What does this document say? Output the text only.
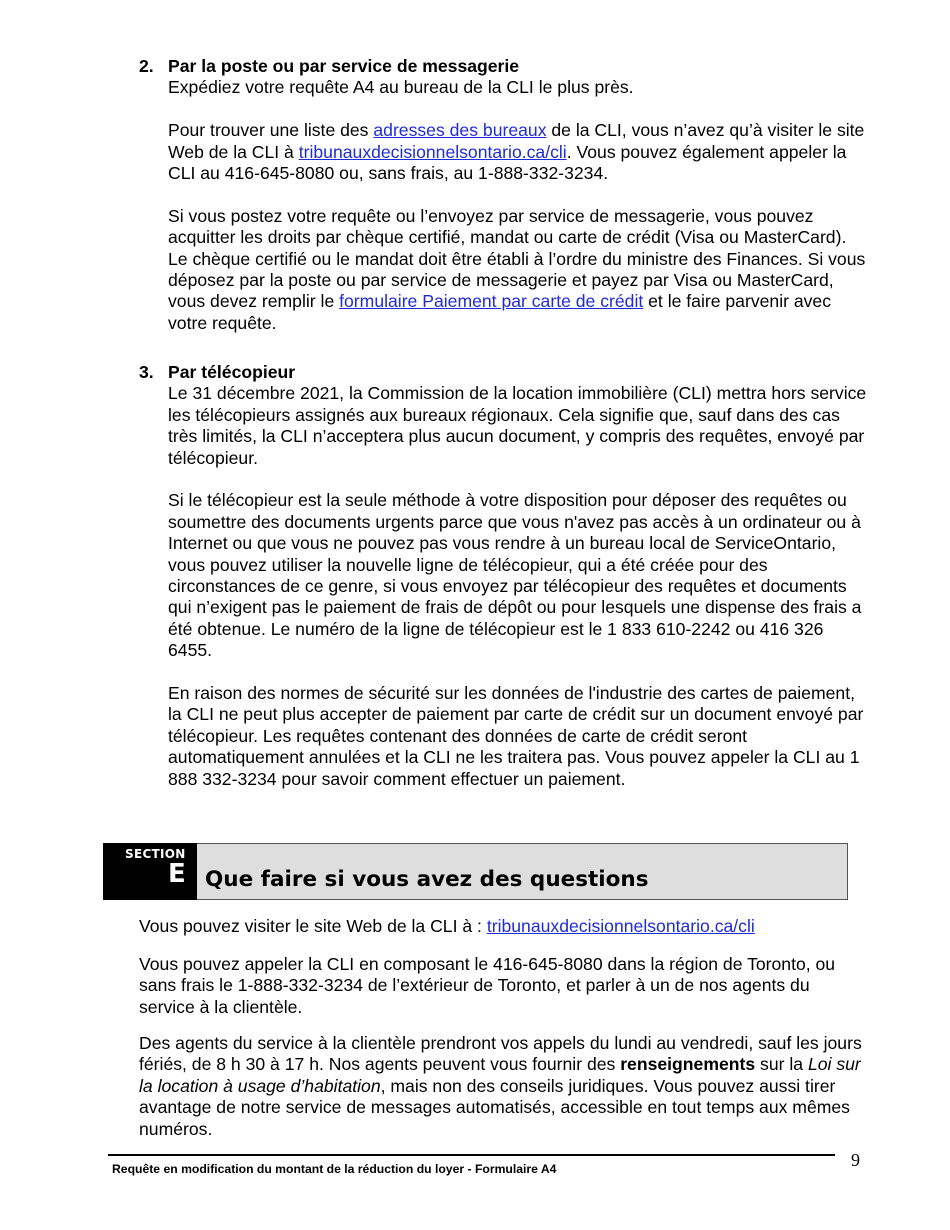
2. Par la poste ou par service de messagerie
Expédiez votre requête A4 au bureau de la CLI le plus près.

Pour trouver une liste des adresses des bureaux de la CLI, vous n’avez qu’à visiter le site Web de la CLI à tribunauxdecisionnelsontario.ca/cli. Vous pouvez également appeler la CLI au 416-645-8080 ou, sans frais, au 1-888-332-3234.

Si vous postez votre requête ou l’envoyez par service de messagerie, vous pouvez acquitter les droits par chèque certifié, mandat ou carte de crédit (Visa ou MasterCard). Le chèque certifié ou le mandat doit être établi à l’ordre du ministre des Finances. Si vous déposez par la poste ou par service de messagerie et payez par Visa ou MasterCard, vous devez remplir le formulaire Paiement par carte de crédit et le faire parvenir avec votre requête.

3. Par télécopieur
Le 31 décembre 2021, la Commission de la location immobilière (CLI) mettra hors service les télécopieurs assignés aux bureaux régionaux. Cela signifie que, sauf dans des cas très limités, la CLI n’acceptera plus aucun document, y compris des requêtes, envoyé par télécopieur.

Si le télécopieur est la seule méthode à votre disposition pour déposer des requêtes ou soumettre des documents urgents parce que vous n'avez pas accès à un ordinateur ou à Internet ou que vous ne pouvez pas vous rendre à un bureau local de ServiceOntario, vous pouvez utiliser la nouvelle ligne de télécopieur, qui a été créée pour des circonstances de ce genre, si vous envoyez par télécopieur des requêtes et documents qui n’exigent pas le paiement de frais de dépôt ou pour lesquels une dispense des frais a été obtenue. Le numéro de la ligne de télécopieur est le 1 833 610-2242 ou 416 326 6455.

En raison des normes de sécurité sur les données de l'industrie des cartes de paiement, la CLI ne peut plus accepter de paiement par carte de crédit sur un document envoyé par télécopieur. Les requêtes contenant des données de carte de crédit seront automatiquement annulées et la CLI ne les traitera pas. Vous pouvez appeler la CLI au 1 888 332-3234 pour savoir comment effectuer un paiement.

SECTION
E Que faire si vous avez des questions
Vous pouvez visiter le site Web de la CLI à : tribunauxdecisionnelsontario.ca/cli
Vous pouvez appeler la CLI en composant le 416-645-8080 dans la région de Toronto, ou sans frais le 1-888-332-3234 de l’extérieur de Toronto, et parler à un de nos agents du service à la clientèle.
Des agents du service à la clientèle prendront vos appels du lundi au vendredi, sauf les jours fériés, de 8 h 30 à 17 h. Nos agents peuvent vous fournir des renseignements sur la Loi sur la location à usage d’habitation, mais non des conseils juridiques. Vous pouvez aussi tirer avantage de notre service de messages automatisés, accessible en tout temps aux mêmes numéros.
Requête en modification du montant de la réduction du loyer - Formulaire A4	9
